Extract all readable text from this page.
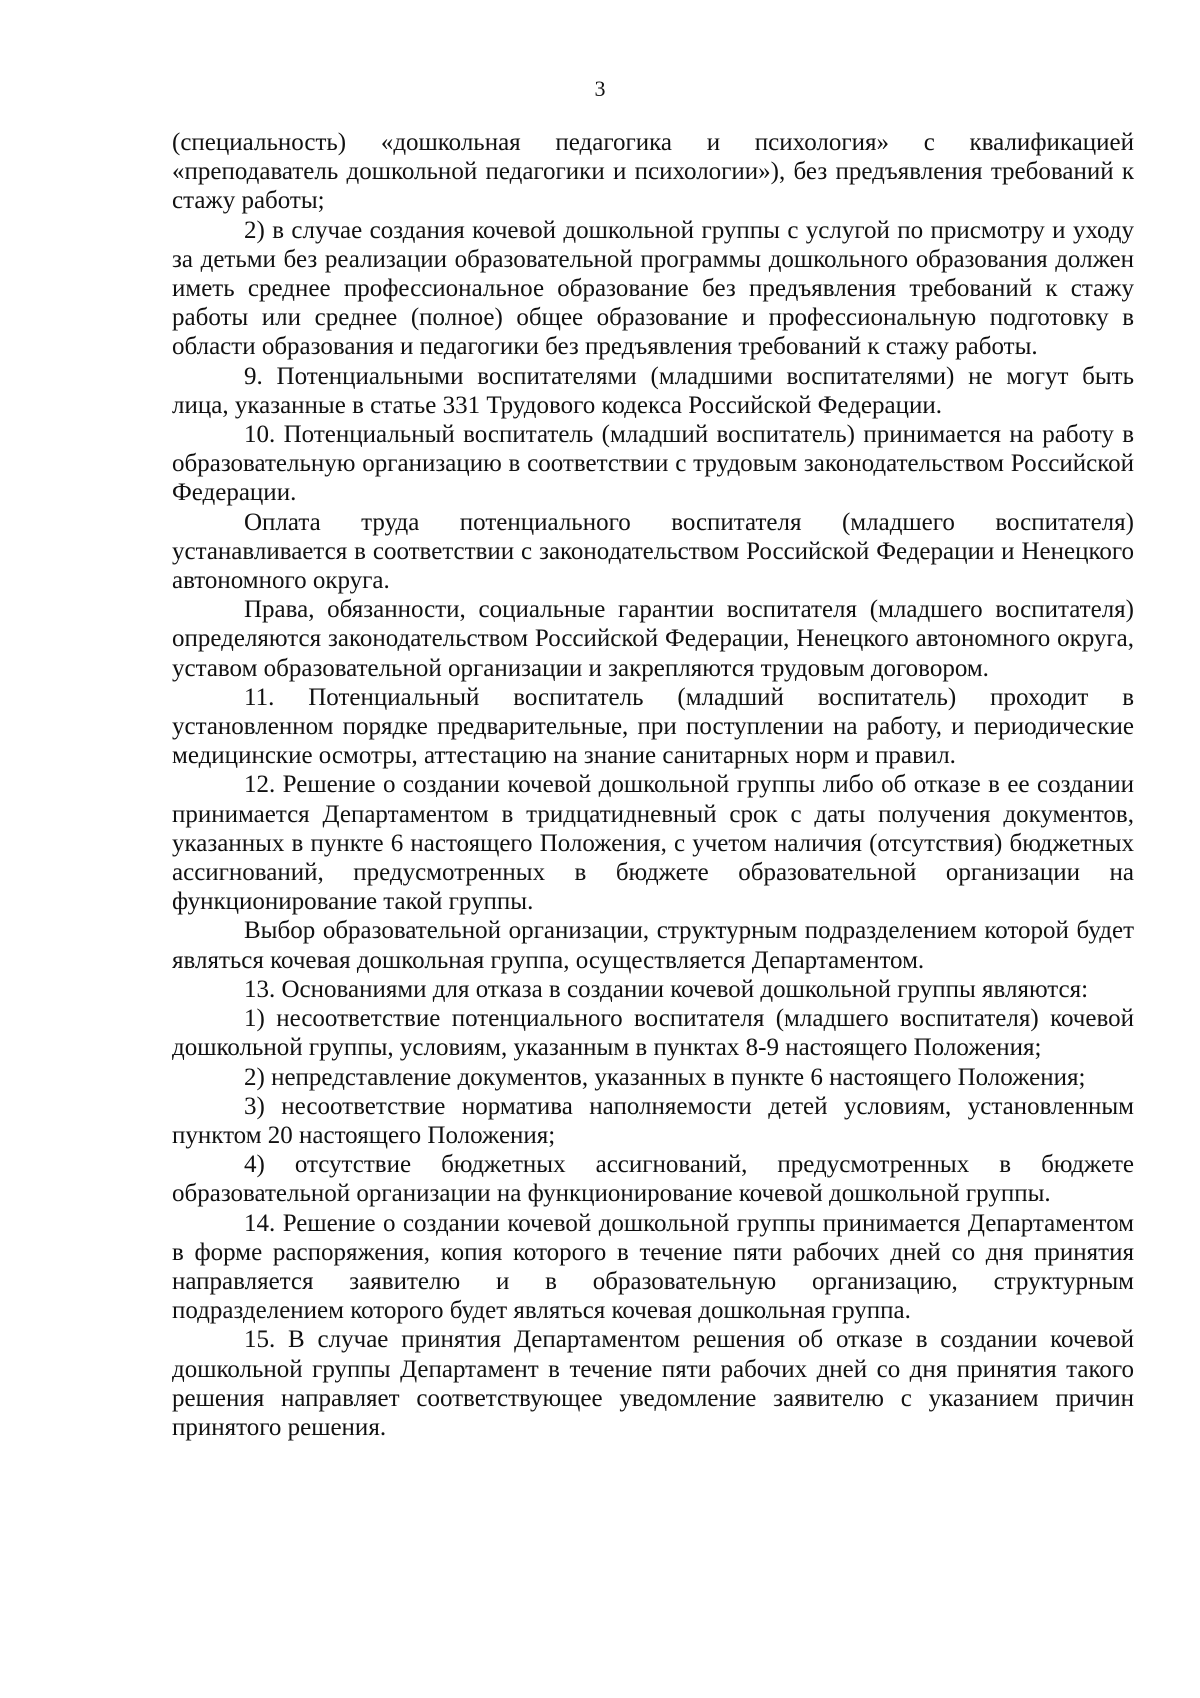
3

(специальность) «дошкольная педагогика и психология» с квалификацией «преподаватель дошкольной педагогики и психологии»), без предъявления требований к стажу работы;

2) в случае создания кочевой дошкольной группы с услугой по присмотру и уходу за детьми без реализации образовательной программы дошкольного образования должен иметь среднее профессиональное образование без предъявления требований к стажу работы или среднее (полное) общее образование и профессиональную подготовку в области образования и педагогики без предъявления требований к стажу работы.

9. Потенциальными воспитателями (младшими воспитателями) не могут быть лица, указанные в статье 331 Трудового кодекса Российской Федерации.

10. Потенциальный воспитатель (младший воспитатель) принимается на работу в образовательную организацию в соответствии с трудовым законодательством Российской Федерации.

Оплата труда потенциального воспитателя (младшего воспитателя) устанавливается в соответствии с законодательством Российской Федерации и Ненецкого автономного округа.

Права, обязанности, социальные гарантии воспитателя (младшего воспитателя) определяются законодательством Российской Федерации, Ненецкого автономного округа, уставом образовательной организации и закрепляются трудовым договором.

11. Потенциальный воспитатель (младший воспитатель) проходит в установленном порядке предварительные, при поступлении на работу, и периодические медицинские осмотры, аттестацию на знание санитарных норм и правил.

12. Решение о создании кочевой дошкольной группы либо об отказе в ее создании принимается Департаментом в тридцатидневный срок с даты получения документов, указанных в пункте 6 настоящего Положения, с учетом наличия (отсутствия) бюджетных ассигнований, предусмотренных в бюджете образовательной организации на функционирование такой группы.

Выбор образовательной организации, структурным подразделением которой будет являться кочевая дошкольная группа, осуществляется Департаментом.

13. Основаниями для отказа в создании кочевой дошкольной группы являются:

1) несоответствие потенциального воспитателя (младшего воспитателя) кочевой дошкольной группы, условиям, указанным в пунктах 8-9 настоящего Положения;

2) непредставление документов, указанных в пункте 6 настоящего Положения;

3) несоответствие норматива наполняемости детей условиям, установленным пунктом 20 настоящего Положения;

4) отсутствие бюджетных ассигнований, предусмотренных в бюджете образовательной организации на функционирование кочевой дошкольной группы.

14. Решение о создании кочевой дошкольной группы принимается Департаментом в форме распоряжения, копия которого в течение пяти рабочих дней со дня принятия направляется заявителю и в образовательную организацию, структурным подразделением которого будет являться кочевая дошкольная группа.

15. В случае принятия Департаментом решения об отказе в создании кочевой дошкольной группы Департамент в течение пяти рабочих дней со дня принятия такого решения направляет соответствующее уведомление заявителю с указанием причин принятого решения.
